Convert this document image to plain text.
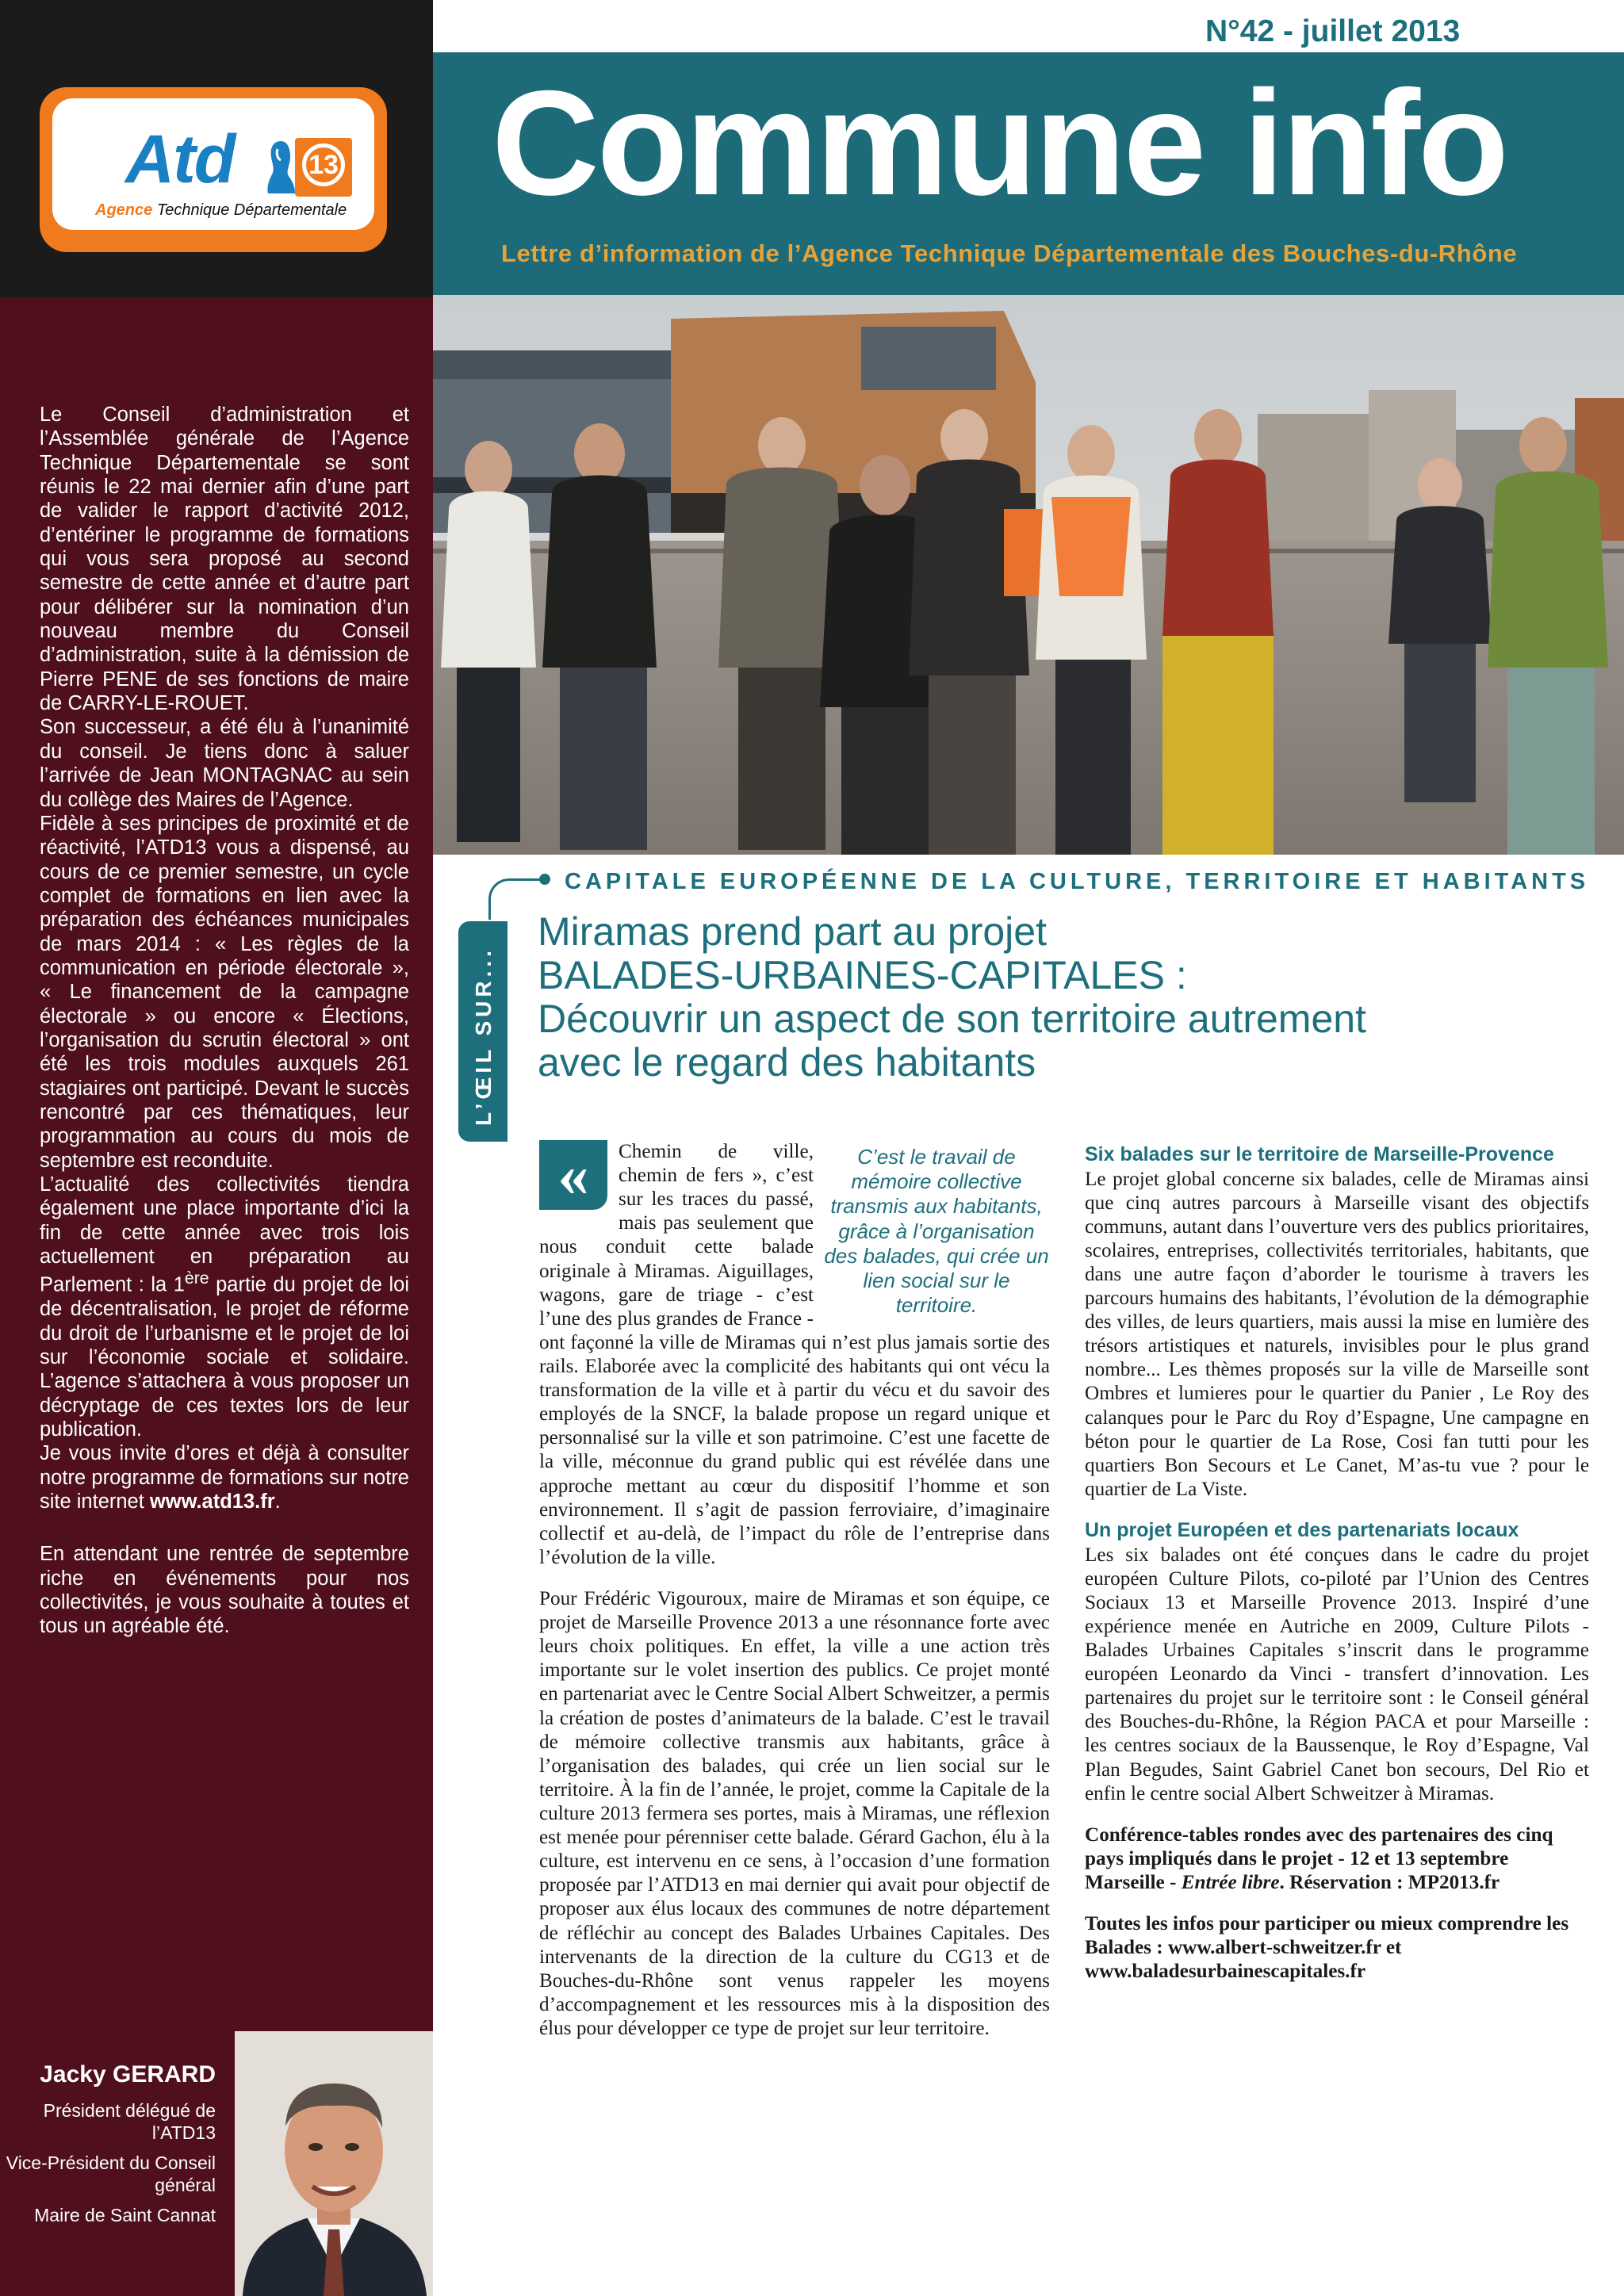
Atd	13
Agence Technique Départementale

Le Conseil d’administration et l’Assemblée générale de l’Agence Technique Départementale se sont réunis le 22 mai dernier afin d’une part de valider le rapport d’activité 2012, d’entériner le programme de formations qui vous sera proposé au second semestre de cette année et d’autre part pour délibérer sur la nomination d’un nouveau membre du Conseil d’administration, suite à la démission de Pierre PENE de ses fonctions de maire de CARRY-LE-ROUET.

Son successeur, a été élu à l’unanimité du conseil. Je tiens donc à saluer l’arrivée de Jean MONTAGNAC au sein du collège des Maires de l’Agence.

Fidèle à ses principes de proximité et de réactivité, l’ATD13 vous a dispensé, au cours de ce premier semestre, un cycle complet de formations en lien avec la préparation des échéances municipales de mars 2014 : « Les règles de la communication en période électorale », « Le financement de la campagne électorale » ou encore « Élections, l’organisation du scrutin électoral » ont été les trois modules auxquels 261 stagiaires ont participé. Devant le succès rencontré par ces thématiques, leur programmation au cours du mois de septembre est reconduite.

L’actualité des collectivités tiendra également une place importante d’ici la fin de cette année avec trois lois actuellement en préparation au Parlement : la 1ère partie du projet de loi de décentralisation, le projet de réforme du droit de l’urbanisme et le projet de loi sur l’économie sociale et solidaire. L’agence s’attachera à vous proposer un décryptage de ces textes lors de leur publication.

Je vous invite d’ores et déjà à consulter notre programme de formations sur notre site internet www.atd13.fr.

En attendant une rentrée de septembre riche en événements pour nos collectivités, je vous souhaite à toutes et tous un agréable été.

Jacky GERARD
Président délégué de l’ATD13
Vice-Président du Conseil général
Maire de Saint Cannat
N°42 - juillet 2013
Commune info
Lettre d’information de l’Agence Technique Départementale des Bouches-du-Rhône
CAPITALE EUROPÉENNE DE LA CULTURE, TERRITOIRE ET HABITANTS
L’ŒIL SUR...
Miramas prend part au projet
BALADES-URBAINES-CAPITALES :
Découvrir un aspect de son territoire autrement
avec le regard des habitants
«	C’est le travail de mémoire collective transmis aux habitants, grâce à l’organisation des balades, qui crée un lien social sur le territoire.

Chemin de ville, chemin de fers », c’est sur les traces du passé, mais pas seulement que nous conduit cette balade originale à Miramas. Aiguillages, wagons, gare de triage - c’est l’une des plus grandes de France - ont façonné la ville de Miramas qui n’est plus jamais sortie des rails. Elaborée avec la complicité des habitants qui ont vécu la transformation de la ville et à partir du vécu et du savoir des employés de la SNCF, la balade propose un regard unique et personnalisé sur la ville et son patrimoine. C’est une facette de la ville, méconnue du grand public qui est révélée dans une approche mettant au cœur du dispositif l’homme et son environnement. Il s’agit de passion ferroviaire, d’imaginaire collectif et au-delà, de l’impact du rôle de l’entreprise dans l’évolution de la ville.

Pour Frédéric Vigouroux, maire de Miramas et son équipe, ce projet de Marseille Provence 2013 a une résonnance forte avec leurs choix politiques. En effet, la ville a une action très importante sur le volet insertion des publics. Ce projet monté en partenariat avec le Centre Social Albert Schweitzer, a permis la création de postes d’animateurs de la balade. C’est le travail de mémoire collective transmis aux habitants, grâce à l’organisation des balades, qui crée un lien social sur le territoire. À la fin de l’année, le projet, comme la Capitale de la culture 2013 fermera ses portes, mais à Miramas, une réflexion est menée pour pérenniser cette balade. Gérard Gachon, élu à la culture, est intervenu en ce sens, à l’occasion d’une formation proposée par l’ATD13 en mai dernier qui avait pour objectif de proposer aux élus locaux des communes de notre département de réfléchir au concept des Balades Urbaines Capitales. Des intervenants de la direction de la culture du CG13 et de Bouches-du-Rhône sont venus rappeler les moyens d’accompagnement et les ressources mis à la disposition des élus pour développer ce type de projet sur leur territoire.

Six balades sur le territoire de Marseille-Provence

Le projet global concerne six balades, celle de Miramas ainsi que cinq autres parcours à Marseille visant des objectifs communs, autant dans l’ouverture vers des publics prioritaires, scolaires, entreprises, collectivités territoriales, habitants, que dans une autre façon d’aborder le tourisme à travers les parcours humains des habitants, l’évolution de la démographie des villes, de leurs quartiers, mais aussi la mise en lumière des trésors artistiques et naturels, invisibles pour le plus grand nombre... Les thèmes proposés sur la ville de Marseille sont Ombres et lumieres pour le quartier du Panier , Le Roy des calanques pour le Parc du Roy d’Espagne, Une campagne en béton pour le quartier de La Rose, Cosi fan tutti pour les quartiers Bon Secours et Le Canet, M’as-tu vue ? pour le quartier de La Viste.

Un projet Européen et des partenariats locaux

Les six balades ont été conçues dans le cadre du projet européen Culture Pilots, co-piloté par l’Union des Centres Sociaux 13 et Marseille Provence 2013. Inspiré d’une expérience menée en Autriche en 2009, Culture Pilots - Balades Urbaines Capitales s’inscrit dans le programme européen Leonardo da Vinci - transfert d’innovation. Les partenaires du projet sur le territoire sont : le Conseil général des Bouches-du-Rhône, la Région PACA et pour Marseille : les centres sociaux de la Baussenque, le Roy d’Espagne, Val Plan Begudes, Saint Gabriel Canet bon secours, Del Rio et enfin le centre social Albert Schweitzer à Miramas.

Conférence-tables rondes avec des partenaires des cinq pays impliqués dans le projet - 12 et 13 septembre Marseille - Entrée libre. Réservation : MP2013.fr

Toutes les infos pour participer ou mieux comprendre les Balades : www.albert-schweitzer.fr et www.baladesurbainescapitales.fr
